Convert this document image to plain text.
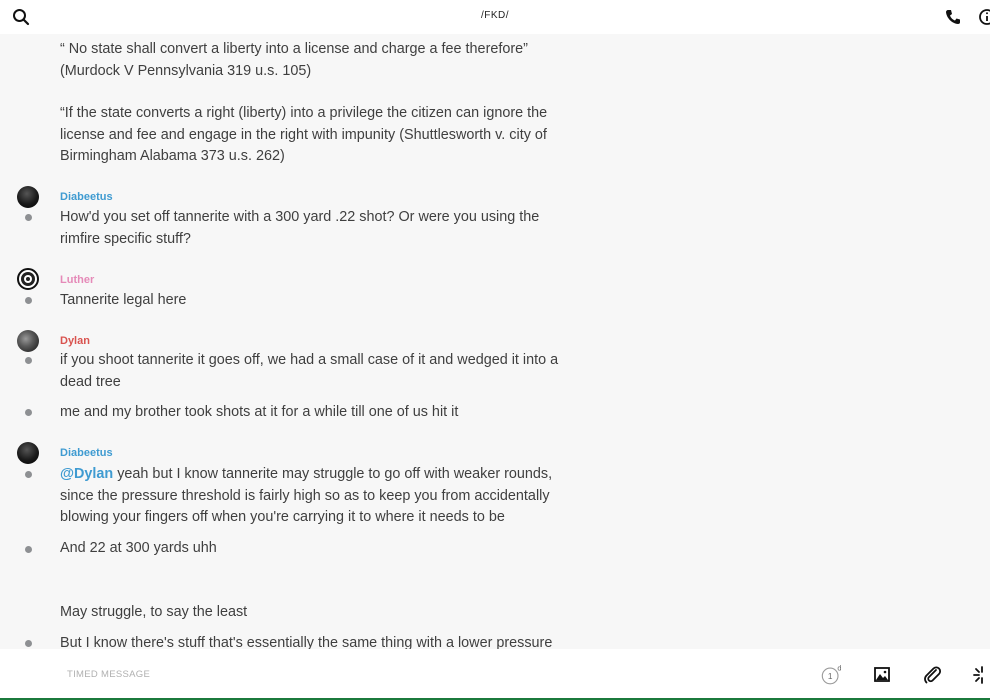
/FKD/

“ No state shall convert a liberty into a license and charge a fee therefore”
(Murdock V Pennsylvania 319 u.s. 105)
“If the state converts a right (liberty) into a privilege the citizen can ignore the
license and fee and engage in the right with impunity (Shuttlesworth v. city of
Birmingham Alabama 373 u.s. 262)
Diabeetus
How'd you set off tannerite with a 300 yard .22 shot? Or were you using the
rimfire specific stuff?
Luther
Tannerite legal here
Dylan
if you shoot tannerite it goes off, we had a small case of it and wedged it into a
dead tree
me and my brother took shots at it for a while till one of us hit it
Diabeetus
@Dylan yeah but I know tannerite may struggle to go off with weaker rounds,
since the pressure threshold is fairly high so as to keep you from accidentally
blowing your fingers off when you're carrying it to where it needs to be
And 22 at 300 yards uhh
May struggle, to say the least
But I know there's stuff that's essentially the same thing with a lower pressure
TIMED MESSAGE	1
d
